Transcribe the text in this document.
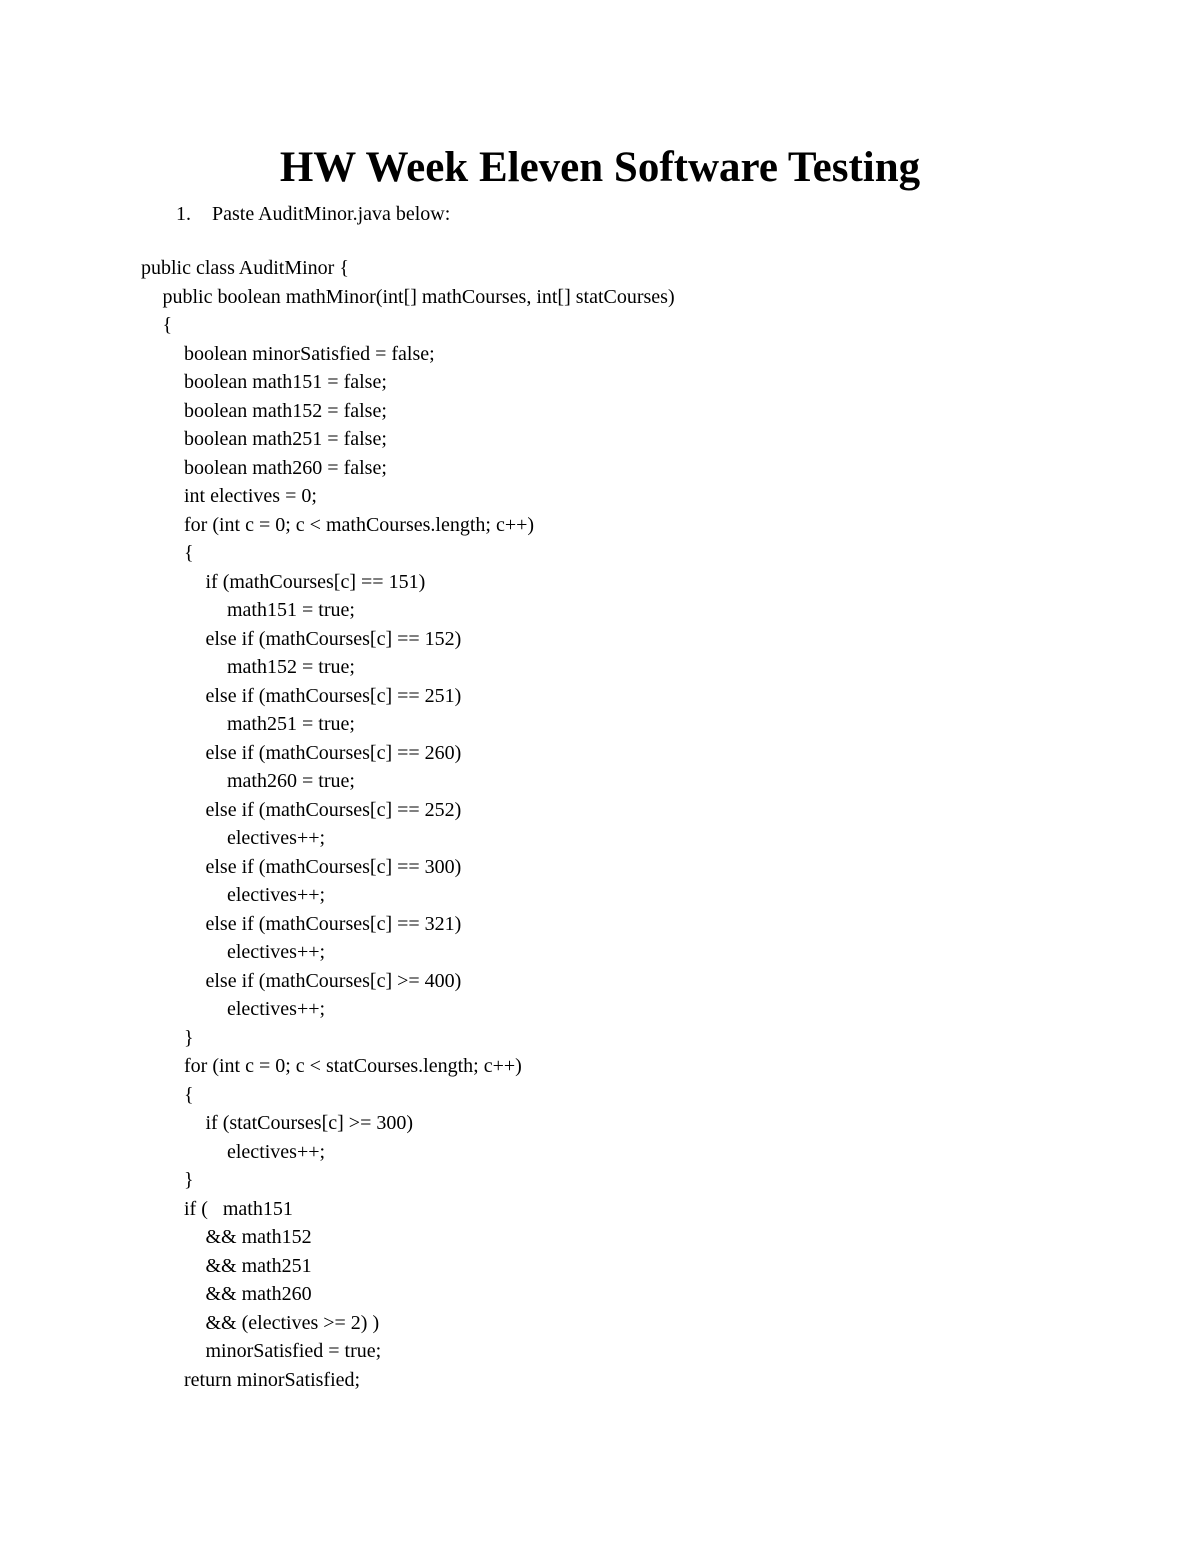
HW Week Eleven Software Testing
1. Paste AuditMinor.java below:
public class AuditMinor {
public boolean mathMinor(int[] mathCourses, int[] statCourses)
{
boolean minorSatisfied = false;
boolean math151 = false;
boolean math152 = false;
boolean math251 = false;
boolean math260 = false;
int electives = 0;
for (int c = 0; c < mathCourses.length; c++)
{
if (mathCourses[c] == 151)
math151 = true;
else if (mathCourses[c] == 152)
math152 = true;
else if (mathCourses[c] == 251)
math251 = true;
else if (mathCourses[c] == 260)
math260 = true;
else if (mathCourses[c] == 252)
electives++;
else if (mathCourses[c] == 300)
electives++;
else if (mathCourses[c] == 321)
electives++;
else if (mathCourses[c] >= 400)
electives++;
}
for (int c = 0; c < statCourses.length; c++)
{
if (statCourses[c] >= 300)
electives++;
}
if (   math151
&& math152
&& math251
&& math260
&& (electives >= 2) )
minorSatisfied = true;
return minorSatisfied;
